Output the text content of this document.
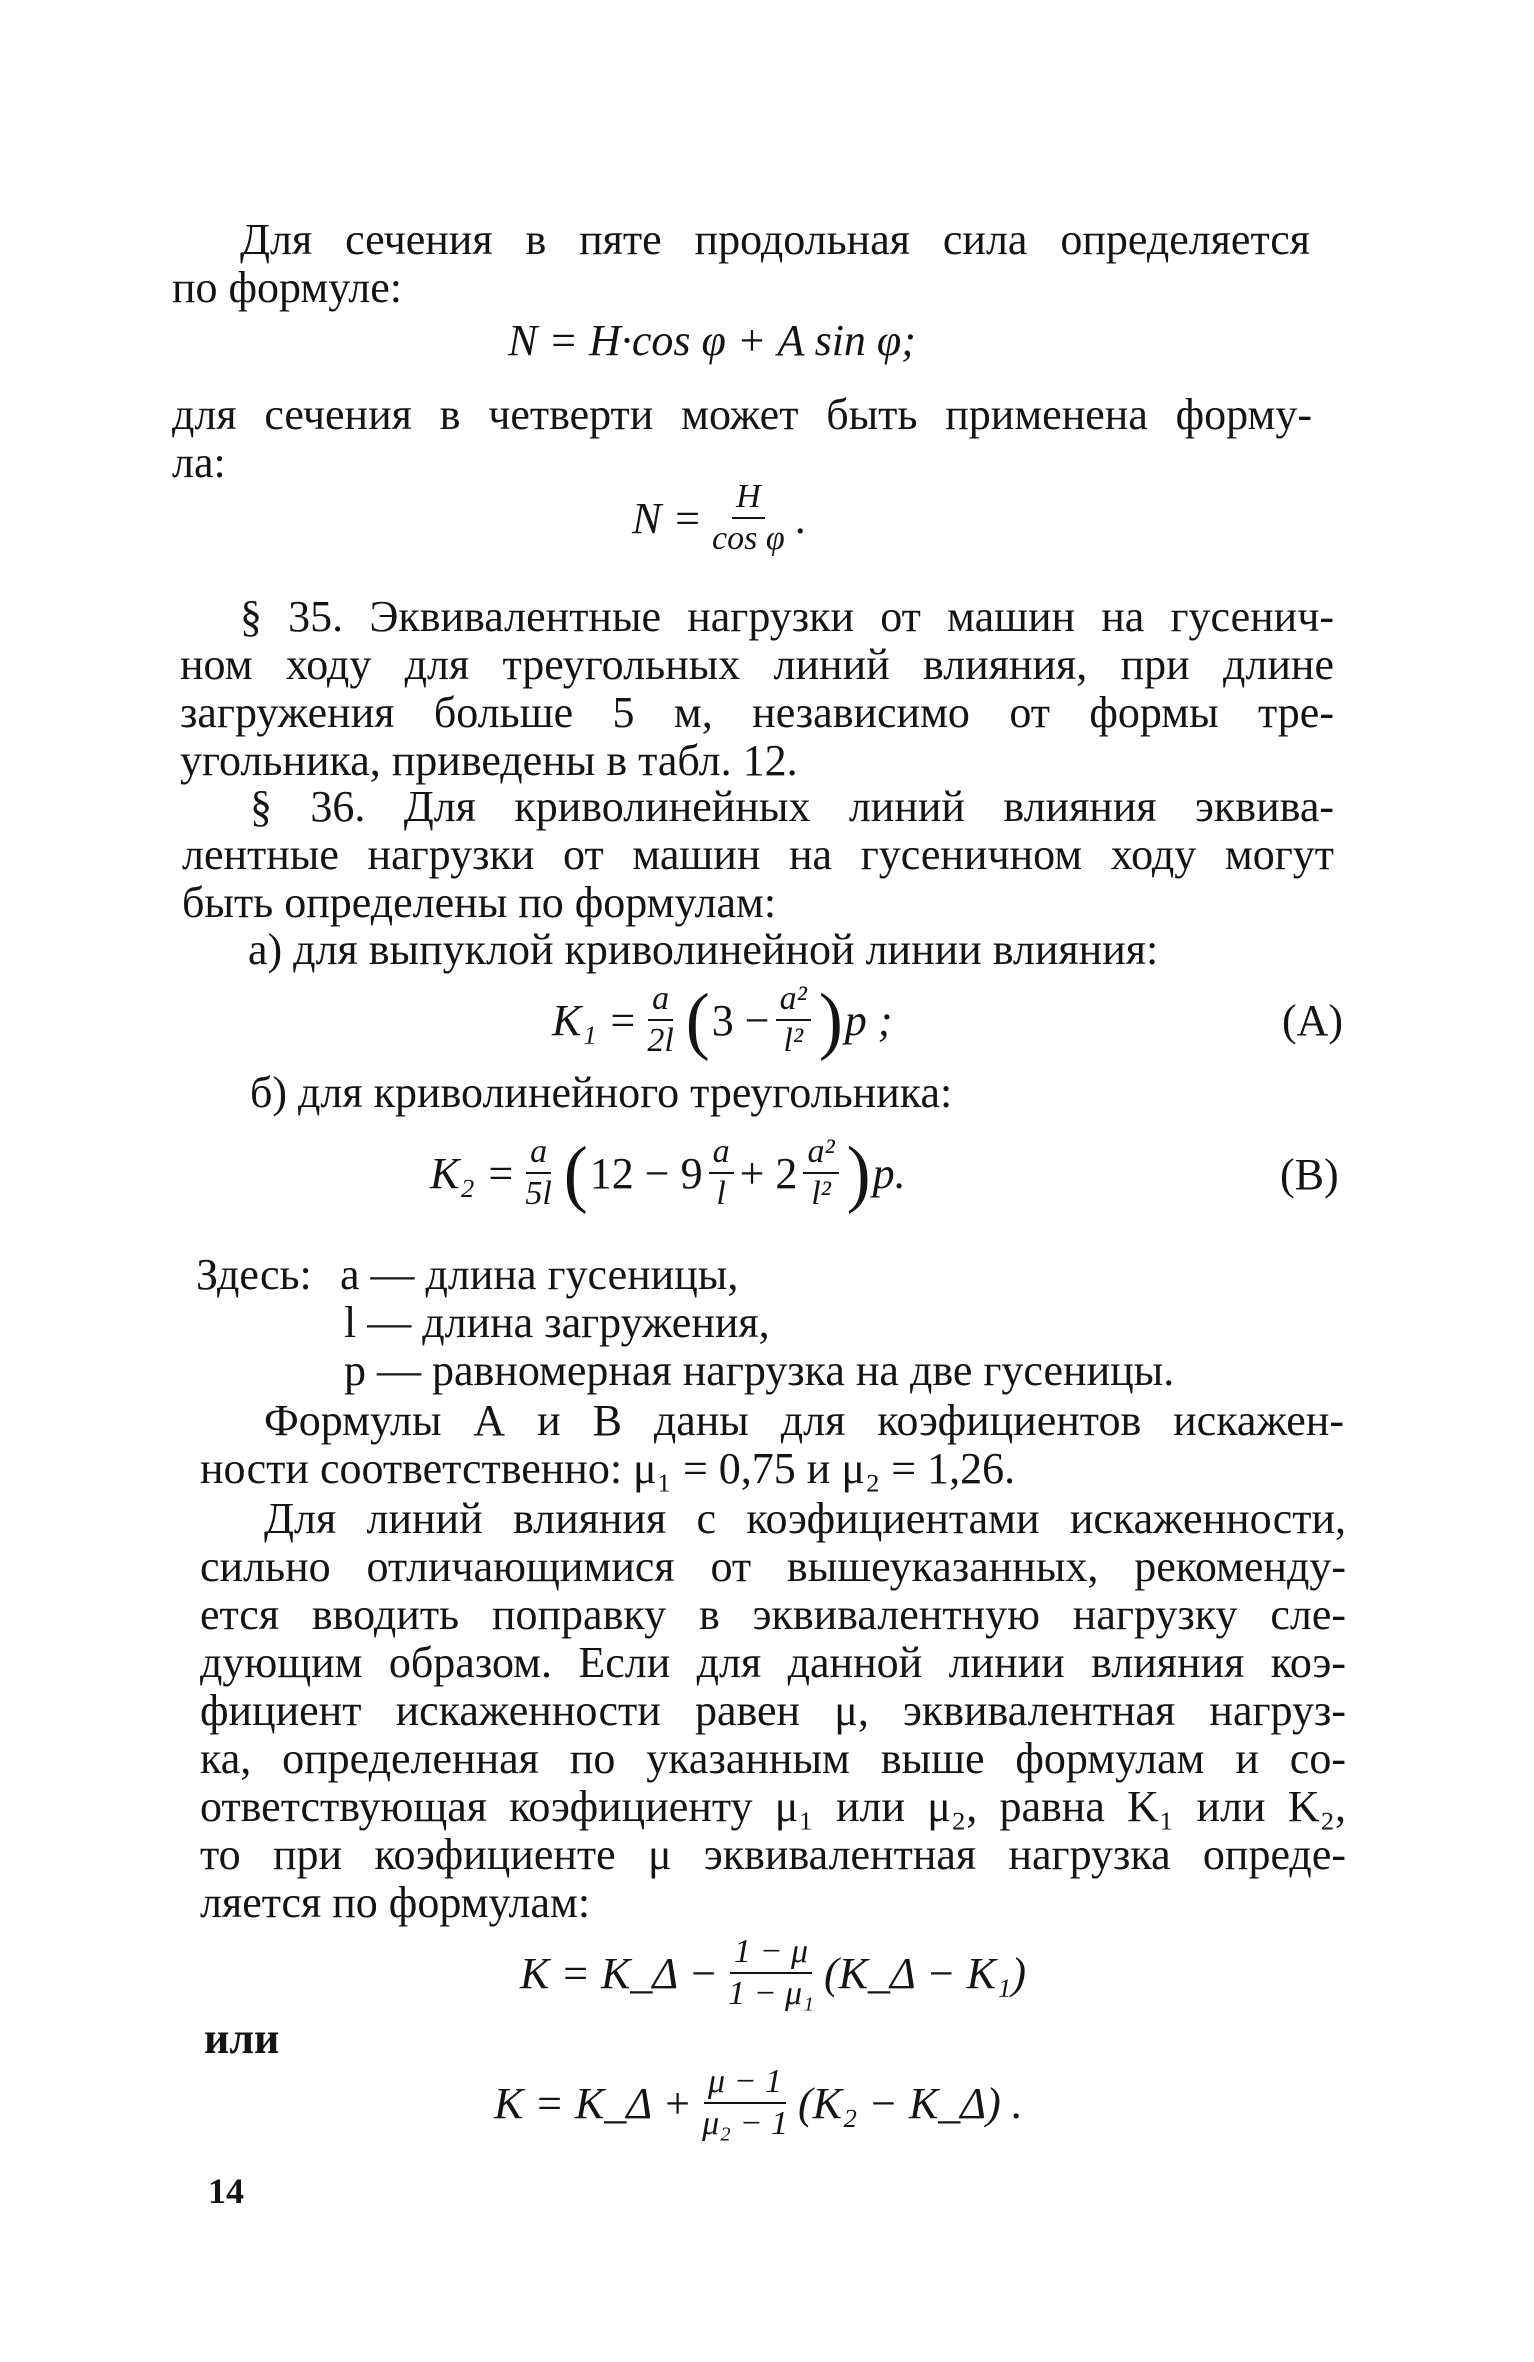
Для сечения в пяте продольная сила определяется
по формуле:
N = H·cos φ + A sin φ;
для сечения в четверти может быть применена форму-
ла:
$N = \frac{H}{\text{cos φ}}$ .
§ 35. Эквивалентные нагрузки от машин на гусенич-
ном ходу для треугольных линий влияния, при длине
загружения больше 5 м, независимо от формы тре-
угольника, приведены в табл. 12.
§ 36. Для криволинейных линий влияния эквива-
лентные нагрузки от машин на гусеничном ходу могут
быть определены по формулам:
а) для выпуклой криволинейной линии влияния:
$K_1 = \frac{a}{2l}$ ( $3 - \frac{\text{a²}}{\text{l²}}$ ) p ;	(А)
б) для криволинейного треугольника:
$K_2 = \frac{a}{5l}$ ( $12 - 9 \frac{a}{l} + 2 \frac{\text{a²}}{\text{l²}}$ ) p.	(В)
Здесь: a — длина гусеницы,
l — длина загружения,
p — равномерная нагрузка на две гусеницы.
Формулы А и В даны для коэфициентов искажен-
ности соответственно: μ₁ = 0,75 и μ₂ = 1,26.
Для линий влияния с коэфициентами искаженности,
сильно отличающимися от вышеуказанных, рекоменду-
ется вводить поправку в эквивалентную нагрузку сле-
дующим образом. Если для данной линии влияния коэ-
фициент искаженности равен μ, эквивалентная нагруз-
ка, определенная по указанным выше формулам и со-
ответствующая коэфициенту μ₁ или μ₂, равна K₁ или K₂,
то при коэфициенте μ эквивалентная нагрузка опреде-
ляется по формулам:
K = K_Δ − $\frac{1 - \mu}{\text{1 − μ₁}}$ (K_Δ − K₁)
или
K = K_Δ + $\frac{\mu - 1}{\text{μ₂ − 1}} (K_2$ − K_Δ) .
14
